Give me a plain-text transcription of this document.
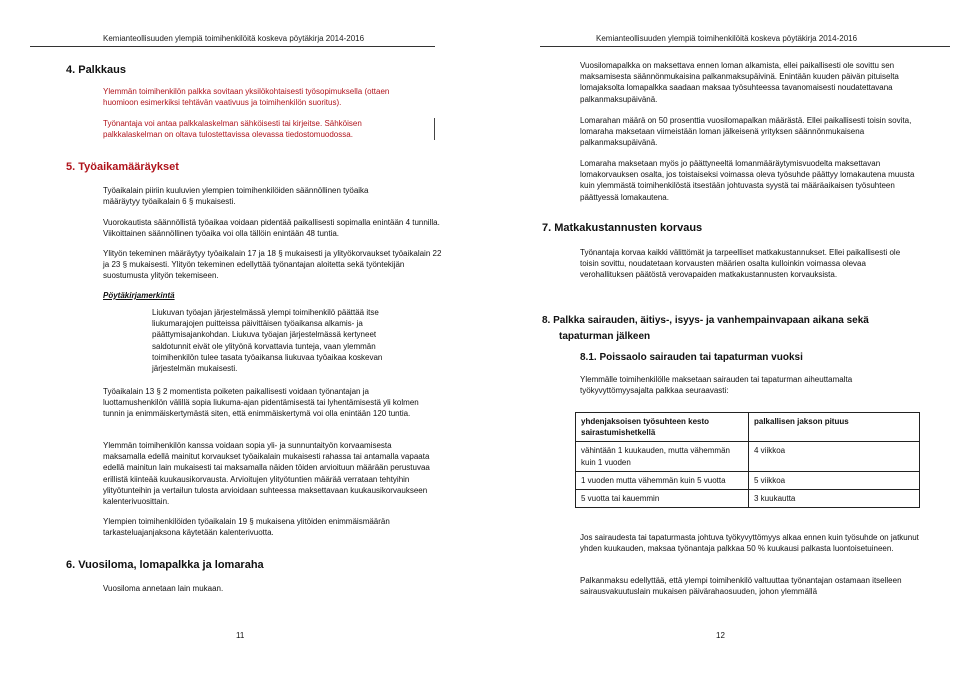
Kemianteollisuuden ylempiä toimihenkilöitä koskeva pöytäkirja 2014-2016
4. Palkkaus
Ylemmän toimihenkilön palkka sovitaan yksilökohtaisesti työsopimuksella (ottaen huomioon esimerkiksi tehtävän vaativuus ja toimihenkilön suoritus).
Työnantaja voi antaa palkkalaskelman sähköisesti tai kirjeitse. Sähköisen palkkalaskelman on oltava tulostettavissa olevassa tiedostomuodossa.
5. Työaikamääräykset
Työaikalain piiriin kuuluvien ylempien toimihenkilöiden säännöllinen työaika määräytyy työaikalain 6 § mukaisesti.
Vuorokautista säännöllistä työaikaa voidaan pidentää paikallisesti sopimalla enintään 4 tunnilla. Viikoittainen säännöllinen työaika voi olla tällöin enintään 48 tuntia.
Ylityön tekeminen määräytyy työaikalain 17 ja 18 § mukaisesti ja ylityökorvaukset työaikalain 22 ja 23 § mukaisesti. Ylityön tekeminen edellyttää työnantajan aloitetta sekä työntekijän suostumusta ylityön tekemiseen.
Pöytäkirjamerkintä
Liukuvan työajan järjestelmässä ylempi toimihenkilö päättää itse liukumarajojen puitteissa päivittäisen työaikansa alkamis- ja päättymisajankohdan. Liukuva työajan järjestelmässä kertyneet saldotunnit eivät ole ylityönä korvattavia tunteja, vaan ylemmän toimihenkilön tulee tasata työaikansa liukuvaa työaikaa koskevan järjestelmän mukaisesti.
Työaikalain 13 § 2 momentista poiketen paikallisesti voidaan työnantajan ja luottamushenkilön välillä sopia liukuma-ajan pidentämisestä tai lyhentämisestä yli kolmen tunnin ja enimmäiskertymästä siten, että enimmäiskertymä voi olla enintään 120 tuntia.
Ylemmän toimihenkilön kanssa voidaan sopia yli- ja sunnuntaityön korvaamisesta maksamalla edellä mainitut korvaukset työaikalain mukaisesti rahassa tai antamalla vapaata edellä mainitun lain mukaisesti tai maksamalla näiden töiden arvioituun määrään perustuvaa erillistä kiinteää kuukausikorvausta. Arvioitujen ylityötuntien määrää verrataan tehtyihin ylityötunteihin ja vertailun tulosta arvioidaan suhteessa maksettavaan kuukausikorvaukseen kalenterivuosittain.
Ylempien toimihenkilöiden työaikalain 19 § mukaisena ylitöiden enimmäismäärän tarkasteluajanjaksona käytetään kalenterivuotta.
6. Vuosiloma, lomapalkka ja lomaraha
Vuosiloma annetaan lain mukaan.
11
Kemianteollisuuden ylempiä toimihenkilöitä koskeva pöytäkirja 2014-2016
Vuosilomapalkka on maksettava ennen loman alkamista, ellei paikallisesti ole sovittu sen maksamisesta säännönmukaisina palkanmaksupäivinä. Enintään kuuden päivän pituiselta lomajaksolta lomapalkka saadaan maksaa työsuhteessa tavanomaisesti noudatettavana palkanmaksupäivänä.
Lomarahan määrä on 50 prosenttia vuosilomapalkan määrästä. Ellei paikallisesti toisin sovita, lomaraha maksetaan viimeistään loman jälkeisenä yrityksen säännönmukaisena palkanmaksupäivänä.
Lomaraha maksetaan myös jo päättyneeltä lomanmääräytymisvuodelta maksettavan lomakorvauksen osalta, jos toistaiseksi voimassa oleva työsuhde päättyy lomakautena muusta kuin ylemmästä toimihenkilöstä itsestään johtuvasta syystä tai määräaikaisen työsuhteen päättyessä lomakautena.
7. Matkakustannusten korvaus
Työnantaja korvaa kaikki välittömät ja tarpeelliset matkakustannukset. Ellei paikallisesti ole toisin sovittu, noudatetaan korvausten määrien osalta kulloinkin voimassa olevaa verohallituksen päätöstä verovapaiden matkakustannusten korvauksista.
8. Palkka sairauden, äitiys-, isyys- ja vanhempainvapaan aikana sekä
tapaturman jälkeen
8.1. Poissaolo sairauden tai tapaturman vuoksi
Ylemmälle toimihenkilölle maksetaan sairauden tai tapaturman aiheuttamalta työkyvyttömyysajalta palkkaa seuraavasti:
yhdenjaksoisen työsuhteen kesto sairastumishetkellä	palkallisen jakson pituus
vähintään 1 kuukauden, mutta vähemmän kuin 1 vuoden	4 viikkoa
1 vuoden mutta vähemmän kuin 5 vuotta	5 viikkoa
5 vuotta tai kauemmin	3 kuukautta
Jos sairaudesta tai tapaturmasta johtuva työkyvyttömyys alkaa ennen kuin työsuhde on jatkunut yhden kuukauden, maksaa työnantaja palkkaa 50 % kuukausi palkasta luontoisetuineen.
Palkanmaksu edellyttää, että ylempi toimihenkilö valtuuttaa työnantajan ostamaan itselleen sairausvakuutuslain mukaisen päivärahaosuuden, johon ylemmällä
12
